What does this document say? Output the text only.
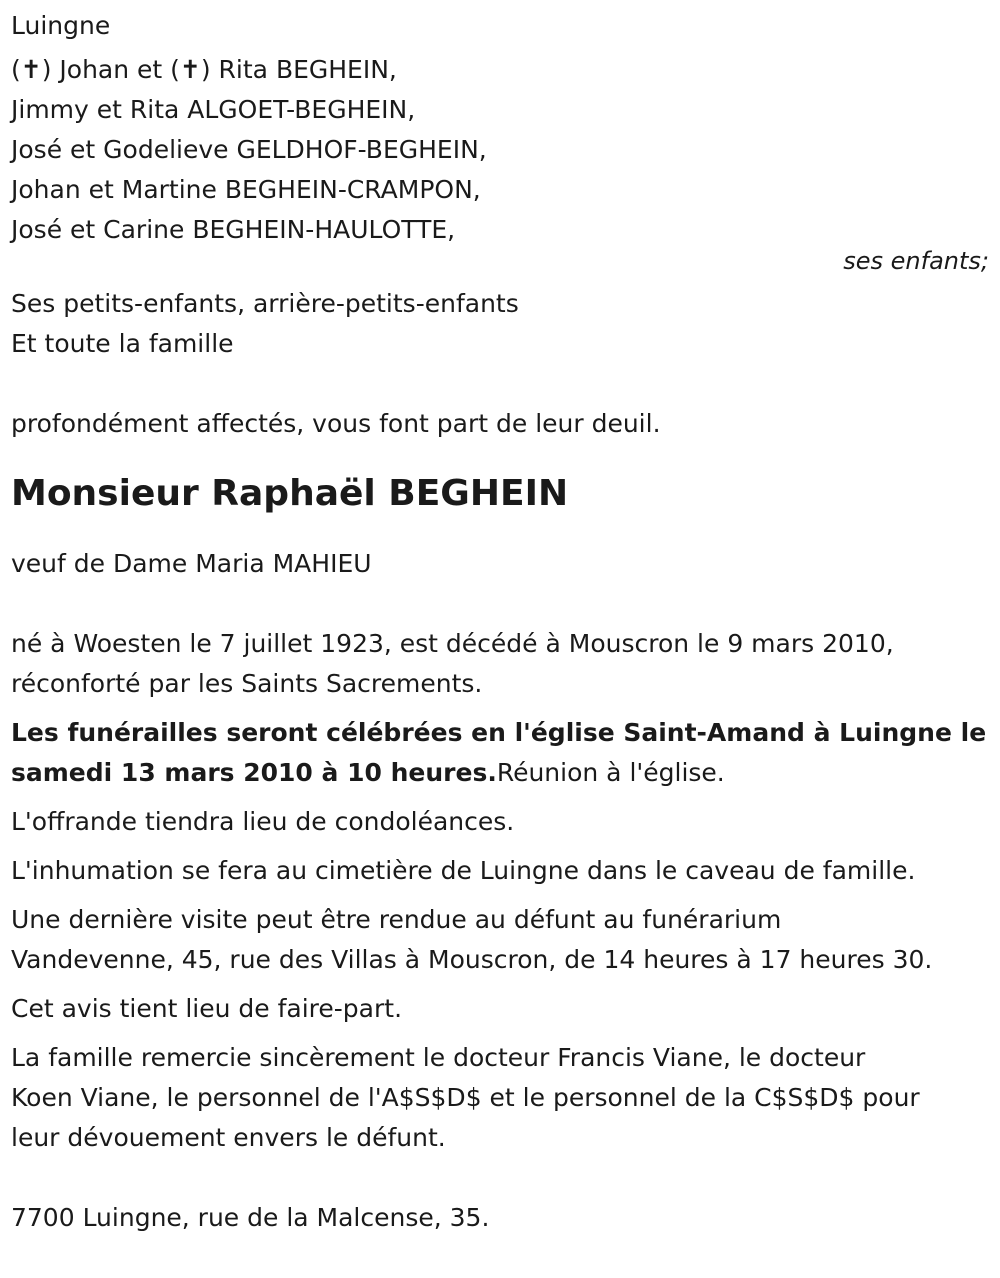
Luingne
(✝) Johan et (✝) Rita BEGHEIN,
Jimmy et Rita ALGOET-BEGHEIN,
José et Godelieve GELDHOF-BEGHEIN,
Johan et Martine BEGHEIN-CRAMPON,
José et Carine BEGHEIN-HAULOTTE,
ses enfants;
Ses petits-enfants, arrière-petits-enfants
Et toute la famille
profondément affectés, vous font part de leur deuil.
Monsieur Raphaël BEGHEIN
veuf de Dame Maria MAHIEU
né à Woesten le 7 juillet 1923, est décédé à Mouscron le 9 mars 2010,
réconforté par les Saints Sacrements.
Les funérailles seront célébrées en l'église Saint-Amand à Luingne le
samedi 13 mars 2010 à 10 heures.Réunion à l'église.
L'offrande tiendra lieu de condoléances.
L'inhumation se fera au cimetière de Luingne dans le caveau de famille.
Une dernière visite peut être rendue au défunt au funérarium
Vandevenne, 45, rue des Villas à Mouscron, de 14 heures à 17 heures 30.
Cet avis tient lieu de faire-part.
La famille remercie sincèrement le docteur Francis Viane, le docteur
Koen Viane, le personnel de l'A$S$D$ et le personnel de la C$S$D$ pour
leur dévouement envers le défunt.
7700 Luingne, rue de la Malcense, 35.
